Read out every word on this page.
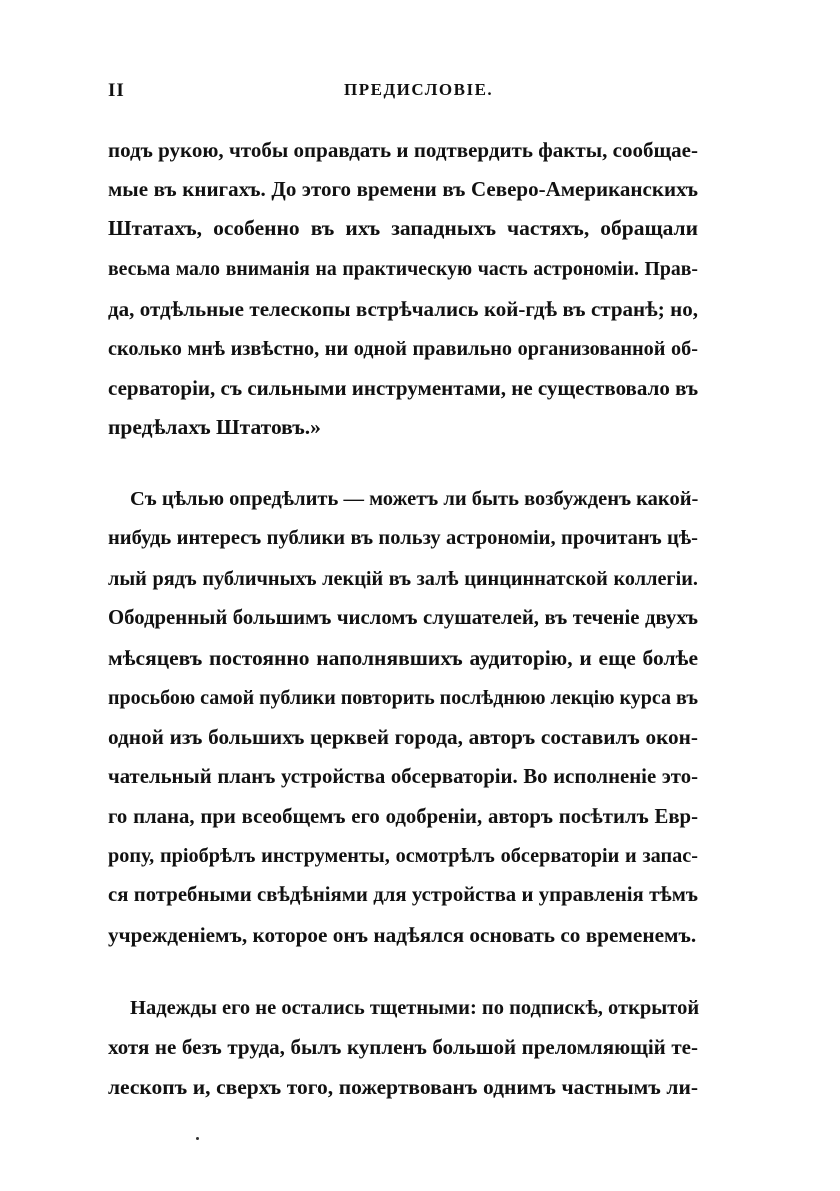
II	ПРЕДИСЛОВІЕ.
подъ рукою, чтобы оправдать и подтвердить факты, сообщае-
мые въ книгахъ. До этого времени въ Северо-Американскихъ
Штатахъ, особенно въ ихъ западныхъ частяхъ, обращали
весьма мало вниманія на практическую часть астрономіи. Прав-
да, отдѣльные телескопы встрѣчались кой-гдѣ въ странѣ; но,
сколько мнѣ извѣстно, ни одной правильно организованной об-
серваторіи, съ сильными инструментами, не существовало въ
предѣлахъ Штатовъ.»
Съ цѣлью опредѣлить — можетъ ли быть возбужденъ какой-
нибудь интересъ публики въ пользу астрономіи, прочитанъ цѣ-
лый рядъ публичныхъ лекцій въ залѣ цинциннатской коллегіи.
Ободренный большимъ числомъ слушателей, въ теченіе двухъ
мѣсяцевъ постоянно наполнявшихъ аудиторію, и еще болѣе
просьбою самой публики повторить послѣднюю лекцію курса въ
одной изъ большихъ церквей города, авторъ составилъ окон-
чательный планъ устройства обсерваторіи. Во исполненіе это-
го плана, при всеобщемъ его одобреніи, авторъ посѣтилъ Евр-
ропу, пріобрѣлъ инструменты, осмотрѣлъ обсерваторіи и запас-
ся потребными свѣдѣніями для устройства и управленія тѣмъ
учрежденіемъ, которое онъ надѣялся основать со временемъ.
Надежды его не остались тщетными: по подпискѣ, открытой
хотя не безъ труда, былъ купленъ большой преломляющій те-
лескопъ и, сверхъ того, пожертвованъ однимъ частнымъ ли-
